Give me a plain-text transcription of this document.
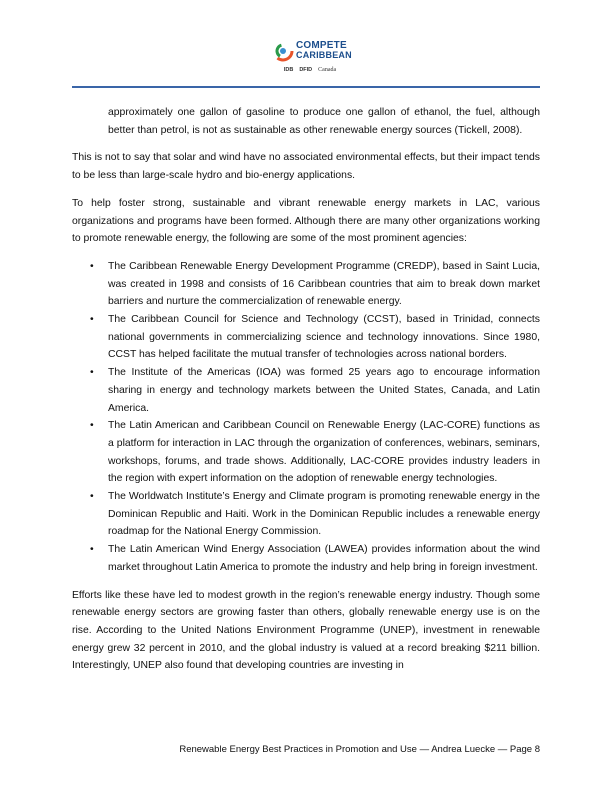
COMPETE
CARIBBEAN
IDB DFID Canada

approximately one gallon of gasoline to produce one gallon of ethanol, the fuel, although better than petrol, is not as sustainable as other renewable energy sources (Tickell, 2008).

This is not to say that solar and wind have no associated environmental effects, but their impact tends to be less than large-scale hydro and bio-energy applications.

To help foster strong, sustainable and vibrant renewable energy markets in LAC, various organizations and programs have been formed. Although there are many other organizations working to promote renewable energy, the following are some of the most prominent agencies:

• The Caribbean Renewable Energy Development Programme (CREDP), based in Saint Lucia, was created in 1998 and consists of 16 Caribbean countries that aim to break down market barriers and nurture the commercialization of renewable energy.
• The Caribbean Council for Science and Technology (CCST), based in Trinidad, connects national governments in commercializing science and technology innovations. Since 1980, CCST has helped facilitate the mutual transfer of technologies across national borders.
• The Institute of the Americas (IOA) was formed 25 years ago to encourage information sharing in energy and technology markets between the United States, Canada, and Latin America.
• The Latin American and Caribbean Council on Renewable Energy (LAC-CORE) functions as a platform for interaction in LAC through the organization of conferences, webinars, seminars, workshops, forums, and trade shows. Additionally, LAC-CORE provides industry leaders in the region with expert information on the adoption of renewable energy technologies.
• The Worldwatch Institute’s Energy and Climate program is promoting renewable energy in the Dominican Republic and Haiti. Work in the Dominican Republic includes a renewable energy roadmap for the National Energy Commission.
• The Latin American Wind Energy Association (LAWEA) provides information about the wind market throughout Latin America to promote the industry and help bring in foreign investment.

Efforts like these have led to modest growth in the region’s renewable energy industry. Though some renewable energy sectors are growing faster than others, globally renewable energy use is on the rise. According to the United Nations Environment Programme (UNEP), investment in renewable energy grew 32 percent in 2010, and the global industry is valued at a record breaking $211 billion. Interestingly, UNEP also found that developing countries are investing in

Renewable Energy Best Practices in Promotion and Use — Andrea Luecke — Page 8
